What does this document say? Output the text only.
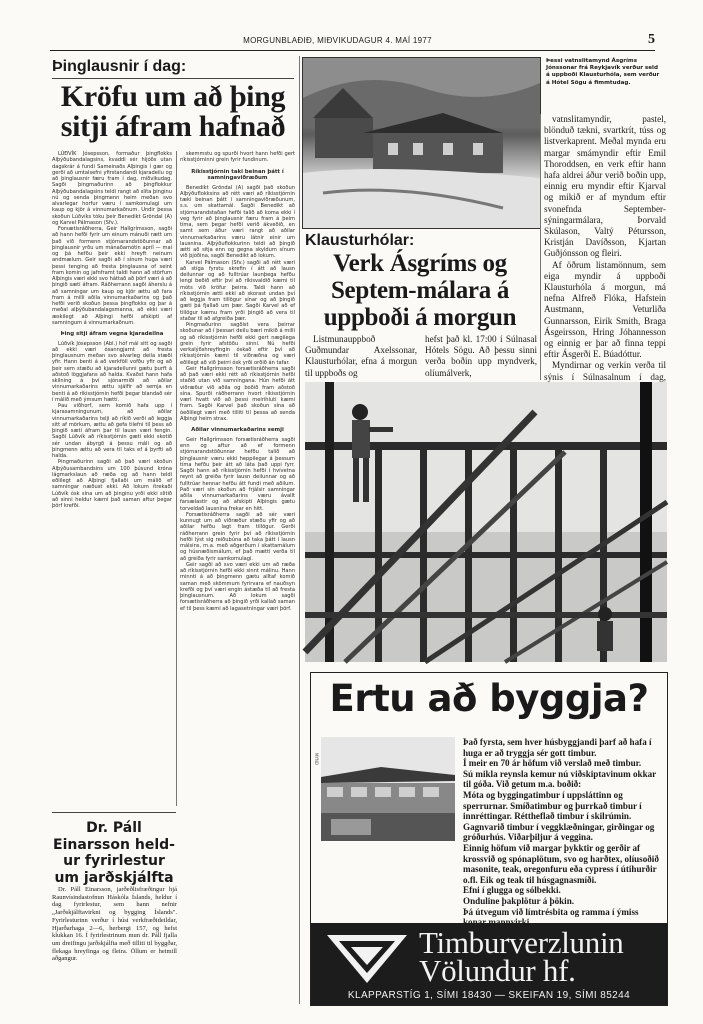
MORGUNBLAÐIÐ, MIÐVIKUDAGUR 4. MAÍ 1977	5
Þinglausnir í dag:
Kröfu um að þing
sitji áfram hafnað

LÚÐVÍK Jósepsson, formaður þingflokks Alþýðubandalagsins, kvaddi sér hljóðs utan dagskrár á fundi Sameinaðs Alþingis í gær og gerði að umtalsefni yfirstandandi kjaradeilu og að þinglausnir færu fram í dag, miðvikudag. Sagði þingmaðurinn að þingflokkur Alþýðubandalagsins teldi rangt að slíta þinginu nú og senda þingmenn heim meðan svo alvarlegar horfur væru í samkomulagi um kaup og kjör á vinnumarkaðnum. Undir þessa skoðun Lúðvíks tóku þeir Benedikt Gröndal (A) og Karvel Pálmason (Sfv.).

Forsætisráðherra, Geir Hallgrímsson, sagði að hann hefði fyrir um einum mánuði rætt um það við formenn stjórnarandstöðunnar að þinglausnir yrðu um mánaðamótin apríl — maí og þá hefðu þeir ekki hreyft neinum andmælum. Geir sagði að í sínum huga væri þessi tenging að fresta þinglausna of seint fram komin og jafnframt taldi hann að störfum Alþingis væri ekki svo háttað að þörf væri á að þingið sæti áfram. Ráðherrann sagði áherslu á að samningar um kaup og kjör ættu að fara fram á milli aðila vinnumarkaðarins og það hefði verið skoðun þessa þingflokks og þar á meðal alþýðubandalagsmanna, að ekki væri æskilegt að Alþingi hefði afskipti af samningum á vinnumarkaðnum.

Þing sitji áfram vegna kjaradeilna

Lúðvík Jósepsson (Abl.) hóf mál sitt og sagði að ekki væri ósanngjarnt að fresta þinglausnum meðan svo alvarleg deila stæði yfir. Hann benti á að verkföll vofðu yfir og að þeir sem stæðu að kjaradeilunni gætu þurft á aðstoð löggjafans að halda. Kvaðst hann hafa skilning á því sjónarmiði að aðilar vinnumarkaðarins ættu sjálfir að semja en benti á að ríkisstjórnin hefði þegar blandað sér í málið með ýmsum hætti.

Þau viðhorf, sem komið hafa upp í kjarasamningunum, að aðilar vinnumarkaðarins telji að ríkið verði að leggja sitt af mörkum, ættu að gefa tilefni til þess að þingið sæti áfram þar til lausn væri fengin. Sagði Lúðvík að ríkisstjórnin gæti ekki skotið sér undan ábyrgð á þessu máli og að þingmenn ættu að vera til taks ef á þyrfti að halda.

Þingmaðurinn sagði að það væri skoðun Alþýðusambandsins um 100 þúsund króna lágmarkslaun að ræða og að hann teldi eðlilegt að Alþingi fjallaði um málið ef samningar næðust ekki. Að lokum ítrekaði Lúðvík ósk sína um að þinginu yrði ekki slitið að sinni heldur kæmi það saman aftur þegar þörf krefði.

skemmstu og spurði hvort hann hefði gert ríkisstjórninni grein fyrir fundinum.

Ríkisstjórnin taki beinan þátt í samningaviðræðum

Benedikt Gröndal (A) sagði það skoðun Alþýðuflokksins að rétt væri að ríkisstjórnin tæki beinan þátt í samningaviðræðunum, s.s. um skattamál. Sagði Benedikt að stjórnarandstaðan hefði talið að koma ekki í veg fyrir að þinglausnir færu fram á þeim tíma, sem þegar hefði verið ákveðið, en samt sem áður væri rangt að aðilar vinnumarkaðarins væru látnir einir um lausnina. Alþýðuflokkurinn teldi að þingið ætti að sitja enn og gegna skyldum sínum við þjóðina, sagði Benedikt að lokum.

Karvel Pálmason (Sfv.) sagði að rétt væri að stíga fyrstu skrefin í átt að lausn deilunnar og að fulltrúar launþega hefðu lengi beðið eftir því að ríkisvaldið kæmi til móts við kröfur þeirra. Taldi hann að ríkisstjórnin ætti ekki að skorast undan því að leggja fram tillögur sínar og að þingið gæti þá fjallað um þær. Sagði Karvel að ef tillögur kæmu fram yrði þingið að vera til staðar til að afgreiða þær.

Þingmaðurinn sagðist vera þeirrar skoðunar að í þessari deilu bæri mikið á milli og að ríkisstjórnin hefði ekki gert nægilega grein fyrir afstöðu sinni. Nú hefði verkalýðshreyfingin óskað eftir því að ríkisstjórnin kæmi til viðræðna og væri eðlilegt að við þeirri ósk yrði orðið án tafar.

Geir Hallgrímsson forsætisráðherra sagði að það væri ekki rétt að ríkisstjórnin hefði staðið utan við samningana. Hún hefði átt viðræður við aðila og boðið fram aðstoð sína. Spurði ráðherrann hvort ríkisstjórnin væri hvatt við að þessi meirihluti kæmi fram. Sagði Karvel það skoðun sína að óeðlilegt væri með tilliti til þessa að senda Alþingi heim strax.

Aðilar vinnumarkaðarins semji

Geir Hallgrímsson forsætisráðherra sagði enn og aftur að ef formenn stjórnarandstöðunnar hefðu talið að þinglausnir væru ekki heppilegar á þessum tíma hefðu þeir átt að láta það uppi fyrr. Sagði hann að ríkisstjórnin hefði í hvívetna reynt að greiða fyrir lausn deilunnar og að fulltrúar hennar hefðu átt fundi með aðilum. Það væri sín skoðun að frjálsir samningar aðila vinnumarkaðarins væru ávallt farsælastir og að afskipti Alþingis gætu torveldað lausnina frekar en hitt.

Forsætisráðherra sagði að sér væri kunnugt um að viðræður stæðu yfir og að aðilar hefðu lagt fram tillögur. Gerði ráðherrann grein fyrir því að ríkisstjórnin hefði lýst sig reiðubúna að taka þátt í lausn málsins, m.a. með aðgerðum í skattamálum og húsnæðismálum, ef það mætti verða til að greiða fyrir samkomulagi.

Geir sagði að svo væri ekki um að ræða að ríkisstjórnin hefði ekki sinnt málinu. Hann minnti á að þingmenn gætu alltaf komið saman með skömmum fyrirvara ef nauðsyn krefði og því væri engin ástæða til að fresta þinglausnum. Að lokum sagði forsætisráðherra að þingið yrði kallað saman ef til þess kæmi að lagasetningar væri þörf.

Þessi vatnslitamynd Ásgríms Jónssonar frá Reykjavík verður seld á uppboði Klausturhóla, sem verður á Hótel Sögu á fimmtudag.

vatnslitamyndir, pastel, blönduð tækni, svartkrít, túss og listverkaprent. Meðal mynda eru margar smámyndir eftir Emil Thoroddsen, en verk eftir hann hafa aldrei áður verið boðin upp, einnig eru myndir eftir Kjarval og mikið er af myndum eftir svonefnda September-sýningarmálara, Þorvald Skúlason, Valtý Pétursson, Kristján Davíðsson, Kjartan Guðjónsson og fleiri.

Af öðrum listamönnum, sem eiga myndir á uppboði Klausturhóla á morgun, má nefna Alfreð Flóka, Hafstein Austmann, Veturliða Gunnarsson, Eirík Smith, Braga Ásgeirsson, Hring Jóhannesson og einnig er þar að finna teppi eftir Ásgerði E. Búadóttur.

Myndirnar og verkin verða til sýnis í Súlnasalnum í dag,

Klausturhólar:
Verk Ásgríms og
Septem-málara á
uppboði á morgun

Listmunauppboð Guðmundar Axelssonar, Klausturhólar, efna á morgun til uppboðs og

hefst það kl. 17:00 í Súlnasal Hótels Sögu. Að þessu sinni verða boðin upp myndverk, olíumálverk,

Ertu að byggja?
MYND

Það fyrsta, sem hver húsbyggjandi þarf að hafa í huga er að tryggja sér gott timbur.

Í meir en 70 ár höfum við verslað með timbur.

Sú mikla reynsla kemur nú viðskiptavinum okkar til góða. Við getum m.a. boðið:

Móta og byggingatimbur í uppsláttinn og sperrurnar. Smíðatimbur og þurrkað timbur í innréttingar. Réttheflað timbur í skilrúmin. Gagnvarið timbur í veggklæðningar, girðingar og gróðurhús. Viðarþiljur á veggina.

Einnig höfum við margar þykktir og gerðir af krossvið og spónaplötum, svo og harðtex, olíusoðið masonite, teak, oregonfuru eða cypress í útihurðir o.fl. Eik og teak til húsgagnasmíði.

Efni í glugga og sólbekki.

Onduline þakplötur á þökin.

Þá útvegum við límtrésbita og ramma í ýmiss

Timburverzlunin
Völundur hf.
KLAPPARSTÍG 1, SÍMI 18430 — SKEIFAN 19, SÍMI 85244
Dr. Páll
Einarsson held-
ur fyrirlestur
um jarðskjálfta

Dr. Páll Einarsson, jarðeðlisfræðingur hjá Raunvísindastofnun Háskóla Íslands, heldur í dag fyrirlestur, sem hann nefnir „Jarðskjálftavirkni og bygging Íslands". Fyrirlesturinn verður í húsi verkfræðideildar, Hjarðarhaga 2—6, herbergi 157, og hefst klukkan 16. Í fyrirlestrinum mun dr. Páll fjalla um dreifingu jarðskjálfta með tilliti til byggðar, flekaga hreyfinga og fleira. Öllum er heimill aðgangur.
